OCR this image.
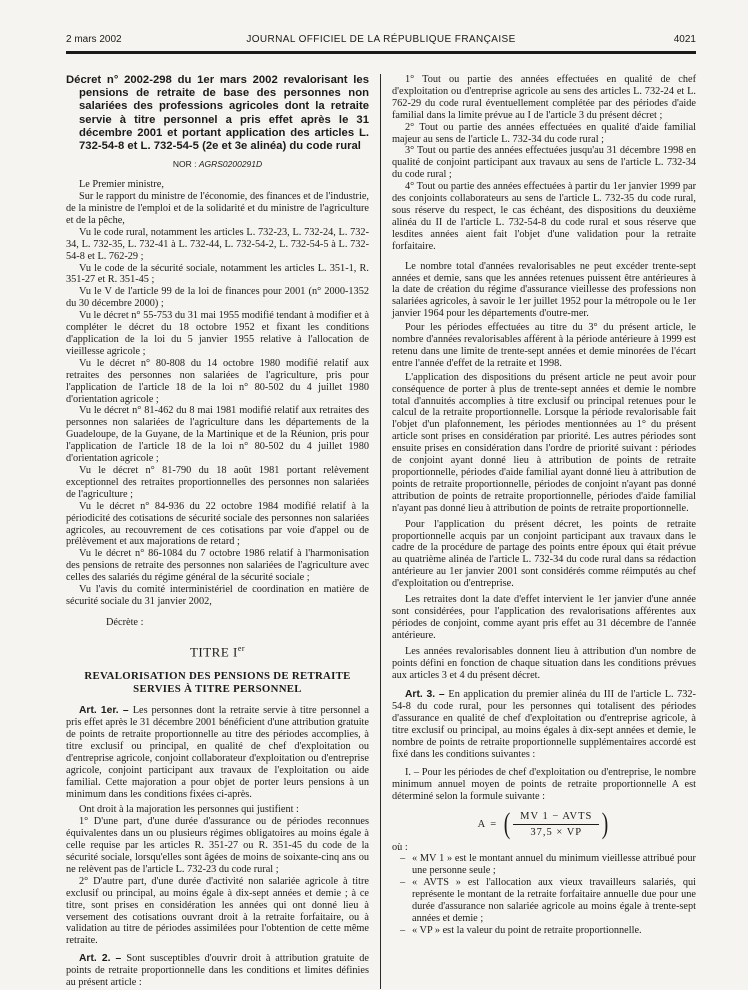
2 mars 2002	JOURNAL OFFICIEL DE LA RÉPUBLIQUE FRANÇAISE	4021

Décret n° 2002-298 du 1er mars 2002 revalorisant les pensions de retraite de base des personnes non salariées des professions agricoles dont la retraite servie à titre personnel a pris effet après le 31 décembre 2001 et portant application des articles L. 732-54-8 et L. 732-54-5 (2e et 3e alinéa) du code rural

NOR : AGRS0200291D

Le Premier ministre,

Sur le rapport du ministre de l'économie, des finances et de l'industrie, de la ministre de l'emploi et de la solidarité et du ministre de l'agriculture et de la pêche,

Vu le code rural, notamment les articles L. 732-23, L. 732-24, L. 732-34, L. 732-35, L. 732-41 à L. 732-44, L. 732-54-2, L. 732-54-5 à L. 732-54-8 et L. 762-29 ;

Vu le code de la sécurité sociale, notamment les articles L. 351-1, R. 351-27 et R. 351-45 ;

Vu le V de l'article 99 de la loi de finances pour 2001 (n° 2000-1352 du 30 décembre 2000) ;

Vu le décret n° 55-753 du 31 mai 1955 modifié tendant à modifier et à compléter le décret du 18 octobre 1952 et fixant les conditions d'application de la loi du 5 janvier 1955 relative à l'allocation de vieillesse agricole ;

Vu le décret n° 80-808 du 14 octobre 1980 modifié relatif aux retraites des personnes non salariées de l'agriculture, pris pour l'application de l'article 18 de la loi n° 80-502 du 4 juillet 1980 d'orientation agricole ;

Vu le décret n° 81-462 du 8 mai 1981 modifié relatif aux retraites des personnes non salariées de l'agriculture dans les départements de la Guadeloupe, de la Guyane, de la Martinique et de la Réunion, pris pour l'application de l'article 18 de la loi n° 80-502 du 4 juillet 1980 d'orientation agricole ;

Vu le décret n° 81-790 du 18 août 1981 portant relèvement exceptionnel des retraites proportionnelles des personnes non salariées de l'agriculture ;

Vu le décret n° 84-936 du 22 octobre 1984 modifié relatif à la périodicité des cotisations de sécurité sociale des personnes non salariées agricoles, au recouvrement de ces cotisations par voie d'appel ou de prélèvement et aux majorations de retard ;

Vu le décret n° 86-1084 du 7 octobre 1986 relatif à l'harmonisation des pensions de retraite des personnes non salariées de l'agriculture avec celles des salariés du régime général de la sécurité sociale ;

Vu l'avis du comité interministériel de coordination en matière de sécurité sociale du 31 janvier 2002,

Décrète :

TITRE Ier
REVALORISATION DES PENSIONS DE RETRAITE
SERVIES À TITRE PERSONNEL

Art. 1er. – Les personnes dont la retraite servie à titre personnel a pris effet après le 31 décembre 2001 bénéficient d'une attribution gratuite de points de retraite proportionnelle au titre des périodes accomplies, à titre exclusif ou principal, en qualité de chef d'exploitation ou d'entreprise agricole, conjoint collaborateur d'exploitation ou d'entreprise agricole, conjoint participant aux travaux de l'exploitation ou aide familial. Cette majoration a pour objet de porter leurs pensions à un minimum dans les conditions fixées ci-après.

Ont droit à la majoration les personnes qui justifient :

1° D'une part, d'une durée d'assurance ou de périodes reconnues équivalentes dans un ou plusieurs régimes obligatoires au moins égale à celle requise par les articles R. 351-27 ou R. 351-45 du code de la sécurité sociale, lorsqu'elles sont âgées de moins de soixante-cinq ans ou ne relèvent pas de l'article L. 732-23 du code rural ;

2° D'autre part, d'une durée d'activité non salariée agricole à titre exclusif ou principal, au moins égale à dix-sept années et demie ; à ce titre, sont prises en considération les années qui ont donné lieu à versement des cotisations ouvrant droit à la retraite forfaitaire, ou à validation au titre de périodes assimilées pour l'obtention de cette même retraite.

Art. 2. – Sont susceptibles d'ouvrir droit à attribution gratuite de points de retraite proportionnelle dans les conditions et limites définies au présent article :

1° Tout ou partie des années effectuées en qualité de chef d'exploitation ou d'entreprise agricole au sens des articles L. 732-24 et L. 762-29 du code rural éventuellement complétée par des périodes d'aide familial dans la limite prévue au I de l'article 3 du présent décret ;

2° Tout ou partie des années effectuées en qualité d'aide familial majeur au sens de l'article L. 732-34 du code rural ;

3° Tout ou partie des années effectuées jusqu'au 31 décembre 1998 en qualité de conjoint participant aux travaux au sens de l'article L. 732-34 du code rural ;

4° Tout ou partie des années effectuées à partir du 1er janvier 1999 par des conjoints collaborateurs au sens de l'article L. 732-35 du code rural, sous réserve du respect, le cas échéant, des dispositions du deuxième alinéa du II de l'article L. 732-54-8 du code rural et sous réserve que lesdites années aient fait l'objet d'une validation pour la retraite forfaitaire.

Le nombre total d'années revalorisables ne peut excéder trente-sept années et demie, sans que les années retenues puissent être antérieures à la date de création du régime d'assurance vieillesse des professions non salariées agricoles, à savoir le 1er juillet 1952 pour la métropole ou le 1er janvier 1964 pour les départements d'outre-mer.

Pour les périodes effectuées au titre du 3° du présent article, le nombre d'années revalorisables afférent à la période antérieure à 1999 est retenu dans une limite de trente-sept années et demie minorées de l'écart entre l'année d'effet de la retraite et 1998.

L'application des dispositions du présent article ne peut avoir pour conséquence de porter à plus de trente-sept années et demie le nombre total d'annuités accomplies à titre exclusif ou principal retenues pour le calcul de la retraite proportionnelle. Lorsque la période revalorisable fait l'objet d'un plafonnement, les périodes mentionnées au 1° du présent article sont prises en considération par priorité. Les autres périodes sont ensuite prises en considération dans l'ordre de priorité suivant : périodes de conjoint ayant donné lieu à attribution de points de retraite proportionnelle, périodes d'aide familial ayant donné lieu à attribution de points de retraite proportionnelle, périodes de conjoint n'ayant pas donné attribution de points de retraite proportionnelle, périodes d'aide familial n'ayant pas donné lieu à attribution de points de retraite proportionnelle.

Pour l'application du présent décret, les points de retraite proportionnelle acquis par un conjoint participant aux travaux dans le cadre de la procédure de partage des points entre époux qui était prévue au quatrième alinéa de l'article L. 732-34 du code rural dans sa rédaction antérieure au 1er janvier 2001 sont considérés comme réimputés au chef d'exploitation ou d'entreprise.

Les retraites dont la date d'effet intervient le 1er janvier d'une année sont considérées, pour l'application des revalorisations afférentes aux périodes de conjoint, comme ayant pris effet au 31 décembre de l'année antérieure.

Les années revalorisables donnent lieu à attribution d'un nombre de points défini en fonction de chaque situation dans les conditions prévues aux articles 3 et 4 du présent décret.

Art. 3. – En application du premier alinéa du III de l'article L. 732-54-8 du code rural, pour les personnes qui totalisent des périodes d'assurance en qualité de chef d'exploitation ou d'entreprise agricole, à titre exclusif ou principal, au moins égales à dix-sept années et demie, le nombre de points de retraite proportionnelle supplémentaires accordé est fixé dans les conditions suivantes :

I. – Pour les périodes de chef d'exploitation ou d'entreprise, le nombre minimum annuel moyen de points de retraite proportionnelle A est déterminé selon la formule suivante :

A = ( $\frac{\text{MV 1 − AVTS}}{37,5 \times VP}$ )

où :

– « MV 1 » est le montant annuel du minimum vieillesse attribué pour une personne seule ;
– « AVTS » est l'allocation aux vieux travailleurs salariés, qui représente le montant de la retraite forfaitaire annuelle due pour une durée d'assurance non salariée agricole au moins égale à trente-sept années et demie ;
– « VP » est la valeur du point de retraite proportionnelle.
